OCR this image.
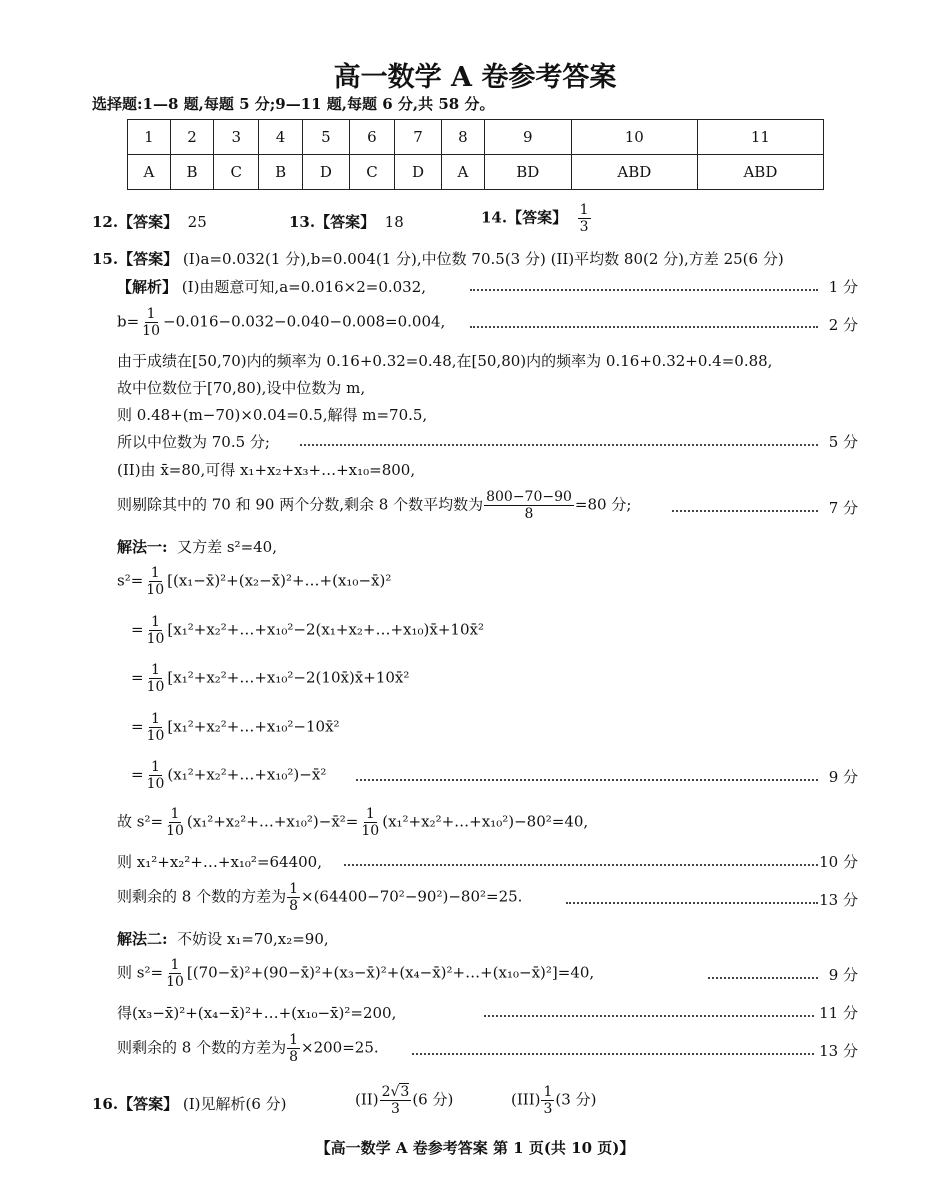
高一数学 A 卷参考答案
选择题:1—8 题,每题 5 分;9—11 题,每题 6 分,共 58 分。
1	2	3	4	5	6	7	8	9	10	11
A	B	C	B	D	C	D	A	BD	ABD	ABD
12.【答案】 25	13.【答案】 18	14.【答案】 $\frac{1}{3}$
15.【答案】 (I)a=0.032(1 分),b=0.004(1 分),中位数 70.5(3 分) (II)平均数 80(2 分),方差 25(6 分)
【解析】 (I)由题意可知,a=0.016×2=0.032,	1 分
$b= \frac{1}{10} -0.016-0.032-0.040-0.008=0.004$,	2 分
由于成绩在[50,70)内的频率为 0.16+0.32=0.48,在[50,80)内的频率为 0.16+0.32+0.4=0.88,
故中位数位于[70,80),设中位数为 m,
则 0.48+(m−70)×0.04=0.5,解得 m=70.5,
所以中位数为 70.5 分;	5 分
(II)由 x̄=80,可得 x₁+x₂+x₃+…+x₁₀=800,
则剔除其中的 70 和 90 两个分数,剩余 8 个数平均数为 $\frac{800-70-90}{8} =80$ 分;	7 分
解法一: 又方差 s²=40,
$s^2= \frac{1}{10}$ [(x₁−x̄)²+(x₂−x̄)²+…+(x₁₀−x̄)²
= $\frac{1}{10}$ [x₁²+x₂²+…+x₁₀²−2(x₁+x₂+…+x₁₀)x̄+10x̄²
= $\frac{1}{10}$ [x₁²+x₂²+…+x₁₀²−2(10x̄)x̄+10x̄²
= $\frac{1}{10}$ [x₁²+x₂²+…+x₁₀²−10x̄²
= $\frac{1}{10}$ (x₁²+x₂²+…+x₁₀²)−x̄²	9 分
故 $s^2= \frac{1}{10}$ (x₁²+x₂²+…+x₁₀²)−x̄²= $\frac{1}{10}$ (x₁²+x₂²+…+x₁₀²)−80²=40,
则 x₁²+x₂²+…+x₁₀²=64400,	10 分
则剩余的 8 个数的方差为 $\frac{1}{8} \times(64400-70^2-90^2)-80^2=25$.	13 分
解法二: 不妨设 x₁=70,x₂=90,
则 $s^2= \frac{1}{10}$ [(70−x̄)²+(90−x̄)²+(x₃−x̄)²+(x₄−x̄)²+…+(x₁₀−x̄)²]=40,	9 分
得(x₃−x̄)²+(x₄−x̄)²+…+(x₁₀−x̄)²=200,	11 分
则剩余的 8 个数的方差为 $\frac{1}{8} \times 200=25$.	13 分
16.【答案】 (I)见解析(6 分)	$(II) \frac{2√3}{3} (6$ 分)	$(III) \frac{1}{3} (3$ 分)
【高一数学 A 卷参考答案 第 1 页(共 10 页)】
